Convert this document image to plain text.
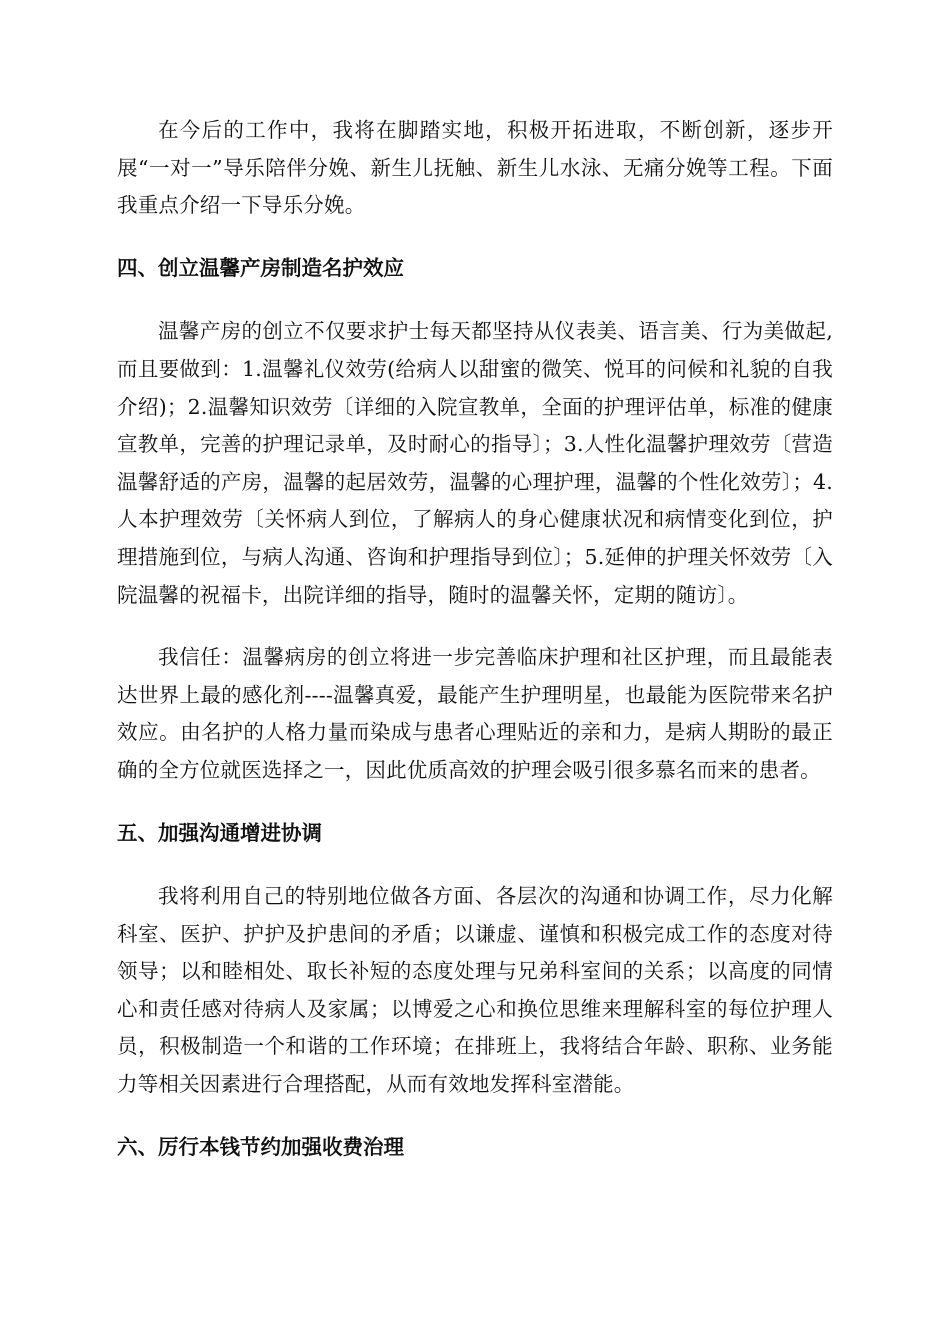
在今后的工作中，我将在脚踏实地，积极开拓进取，不断创新，逐步开展“一对一”导乐陪伴分娩、新生儿抚触、新生儿水泳、无痛分娩等工程。下面我重点介绍一下导乐分娩。

四、创立温馨产房制造名护效应

温馨产房的创立不仅要求护士每天都坚持从仪表美、语言美、行为美做起,而且要做到：1.温馨礼仪效劳(给病人以甜蜜的微笑、悦耳的问候和礼貌的自我介绍)；2.温馨知识效劳〔详细的入院宣教单，全面的护理评估单，标准的健康宣教单，完善的护理记录单，及时耐心的指导〕；3.人性化温馨护理效劳〔营造温馨舒适的产房，温馨的起居效劳，温馨的心理护理，温馨的个性化效劳〕；4.人本护理效劳〔关怀病人到位，了解病人的身心健康状况和病情变化到位，护理措施到位，与病人沟通、咨询和护理指导到位〕；5.延伸的护理关怀效劳〔入院温馨的祝福卡，出院详细的指导，随时的温馨关怀，定期的随访〕。

我信任：温馨病房的创立将进一步完善临床护理和社区护理，而且最能表达世界上最的感化剂----温馨真爱，最能产生护理明星，也最能为医院带来名护效应。由名护的人格力量而染成与患者心理贴近的亲和力，是病人期盼的最正确的全方位就医选择之一，因此优质高效的护理会吸引很多慕名而来的患者。

五、加强沟通增进协调

我将利用自己的特别地位做各方面、各层次的沟通和协调工作，尽力化解科室、医护、护护及护患间的矛盾；以谦虚、谨慎和积极完成工作的态度对待领导；以和睦相处、取长补短的态度处理与兄弟科室间的关系；以高度的同情心和责任感对待病人及家属；以博爱之心和换位思维来理解科室的每位护理人员，积极制造一个和谐的工作环境；在排班上，我将结合年龄、职称、业务能力等相关因素进行合理搭配，从而有效地发挥科室潜能。

六、厉行本钱节约加强收费治理
